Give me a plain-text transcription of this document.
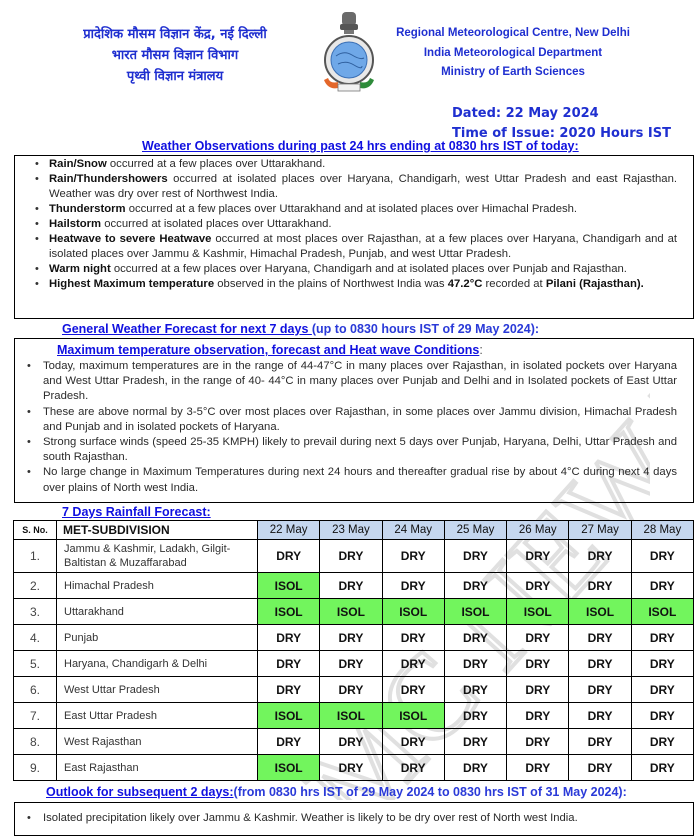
RMC NEW DELHI
प्रादेशिक मौसम विज्ञान केंद्र, नई दिल्ली
भारत मौसम विज्ञान विभाग
पृथ्वी विज्ञान मंत्रालय
Regional Meteorological Centre, New Delhi
India Meteorological Department
Ministry of Earth Sciences
Dated: 22 May 2024
Time of Issue: 2020 Hours IST
Weather Observations during past 24 hrs ending at 0830 hrs IST of today:
• Rain/Snow occurred at a few places over Uttarakhand.
• Rain/Thundershowers occurred at isolated places over Haryana, Chandigarh, west Uttar Pradesh and east Rajasthan. Weather was dry over rest of Northwest India.
• Thunderstorm occurred at a few places over Uttarakhand and at isolated places over Himachal Pradesh.
• Hailstorm occurred at isolated places over Uttarakhand.
• Heatwave to severe Heatwave occurred at most places over Rajasthan, at a few places over Haryana, Chandigarh and at isolated places over Jammu & Kashmir, Himachal Pradesh, Punjab, and west Uttar Pradesh.
• Warm night occurred at a few places over Haryana, Chandigarh and at isolated places over Punjab and Rajasthan.
• Highest Maximum temperature observed in the plains of Northwest India was 47.2°C recorded at Pilani (Rajasthan).
General Weather Forecast for next 7 days (up to 0830 hours IST of 29 May 2024):
Maximum temperature observation, forecast and Heat wave Conditions:
• Today, maximum temperatures are in the range of 44-47°C in many places over Rajasthan, in isolated pockets over Haryana and West Uttar Pradesh, in the range of 40- 44°C in many places over Punjab and Delhi and in Isolated pockets of East Uttar Pradesh.
• These are above normal by 3-5°C over most places over Rajasthan, in some places over Jammu division, Himachal Pradesh and Punjab and in isolated pockets of Haryana.
• Strong surface winds (speed 25-35 KMPH) likely to prevail during next 5 days over Punjab, Haryana, Delhi, Uttar Pradesh and south Rajasthan.
• No large change in Maximum Temperatures during next 24 hours and thereafter gradual rise by about 4°C during next 4 days over plains of North west India.
7 Days Rainfall Forecast:
S. No.	MET-SUBDIVISION	22 May	23 May	24 May	25 May	26 May	27 May	28 May
1.	Jammu & Kashmir, Ladakh, Gilgit-Baltistan & Muzaffarabad	DRY	DRY	DRY	DRY	DRY	DRY	DRY
2.	Himachal Pradesh	ISOL	DRY	DRY	DRY	DRY	DRY	DRY
3.	Uttarakhand	ISOL	ISOL	ISOL	ISOL	ISOL	ISOL	ISOL
4.	Punjab	DRY	DRY	DRY	DRY	DRY	DRY	DRY
5.	Haryana, Chandigarh & Delhi	DRY	DRY	DRY	DRY	DRY	DRY	DRY
6.	West Uttar Pradesh	DRY	DRY	DRY	DRY	DRY	DRY	DRY
7.	East Uttar Pradesh	ISOL	ISOL	ISOL	DRY	DRY	DRY	DRY
8.	West Rajasthan	DRY	DRY	DRY	DRY	DRY	DRY	DRY
9.	East Rajasthan	ISOL	DRY	DRY	DRY	DRY	DRY	DRY
Outlook for subsequent 2 days:(from 0830 hrs IST of 29 May 2024 to 0830 hrs IST of 31 May 2024):
• Isolated precipitation likely over Jammu & Kashmir. Weather is likely to be dry over rest of North west India.
